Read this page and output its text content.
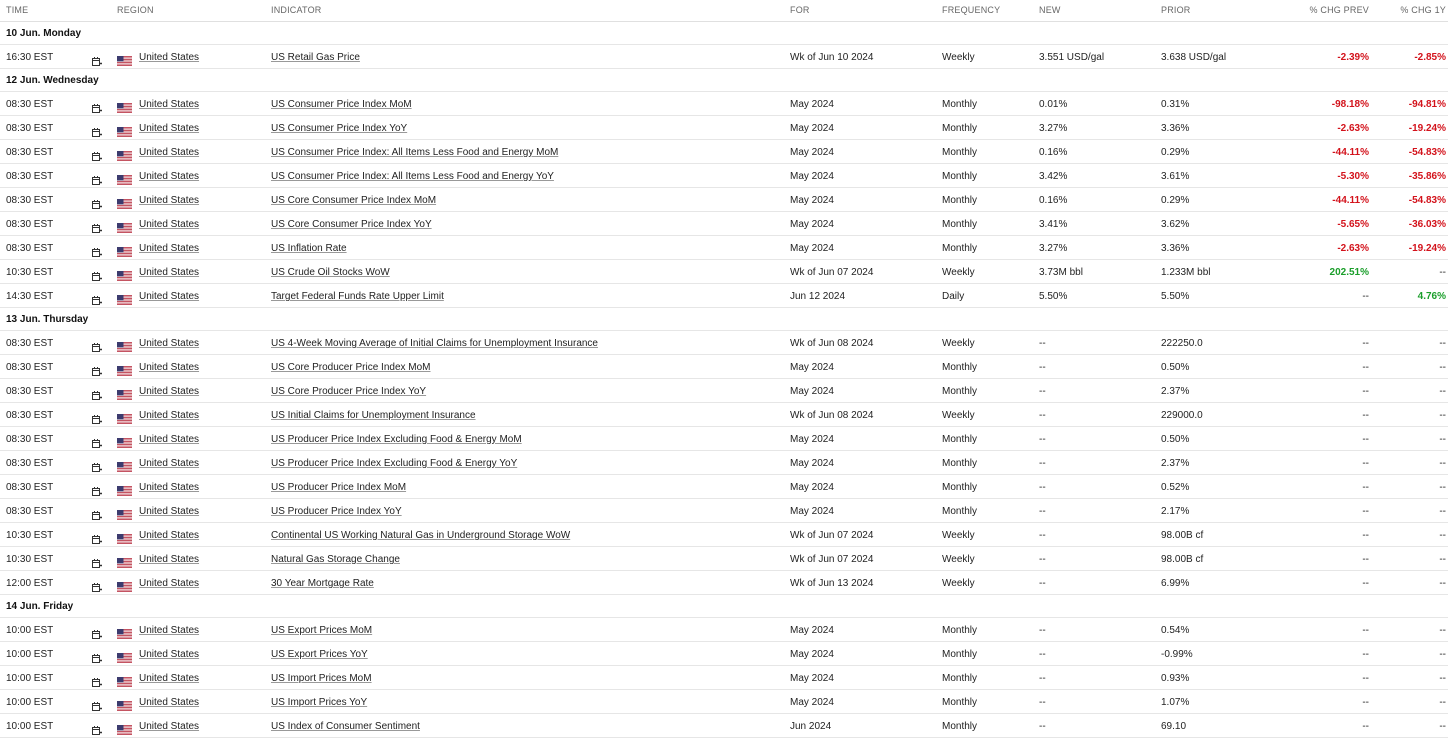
TIME	REGION	INDICATOR	FOR	FREQUENCY	NEW	PRIOR	% CHG PREV	% CHG 1Y
10 Jun. Monday
16:30 EST	United States	US Retail Gas Price	Wk of Jun 10 2024	Weekly	3.551 USD/gal	3.638 USD/gal	-2.39%	-2.85%
12 Jun. Wednesday
08:30 EST	United States	US Consumer Price Index MoM	May 2024	Monthly	0.01%	0.31%	-98.18%	-94.81%
08:30 EST	United States	US Consumer Price Index YoY	May 2024	Monthly	3.27%	3.36%	-2.63%	-19.24%
08:30 EST	United States	US Consumer Price Index: All Items Less Food and Energy MoM	May 2024	Monthly	0.16%	0.29%	-44.11%	-54.83%
08:30 EST	United States	US Consumer Price Index: All Items Less Food and Energy YoY	May 2024	Monthly	3.42%	3.61%	-5.30%	-35.86%
08:30 EST	United States	US Core Consumer Price Index MoM	May 2024	Monthly	0.16%	0.29%	-44.11%	-54.83%
08:30 EST	United States	US Core Consumer Price Index YoY	May 2024	Monthly	3.41%	3.62%	-5.65%	-36.03%
08:30 EST	United States	US Inflation Rate	May 2024	Monthly	3.27%	3.36%	-2.63%	-19.24%
10:30 EST	United States	US Crude Oil Stocks WoW	Wk of Jun 07 2024	Weekly	3.73M bbl	1.233M bbl	202.51%	--
14:30 EST	United States	Target Federal Funds Rate Upper Limit	Jun 12 2024	Daily	5.50%	5.50%	--	4.76%
13 Jun. Thursday
08:30 EST	United States	US 4-Week Moving Average of Initial Claims for Unemployment Insurance	Wk of Jun 08 2024	Weekly	--	222250.0	--	--
08:30 EST	United States	US Core Producer Price Index MoM	May 2024	Monthly	--	0.50%	--	--
08:30 EST	United States	US Core Producer Price Index YoY	May 2024	Monthly	--	2.37%	--	--
08:30 EST	United States	US Initial Claims for Unemployment Insurance	Wk of Jun 08 2024	Weekly	--	229000.0	--	--
08:30 EST	United States	US Producer Price Index Excluding Food & Energy MoM	May 2024	Monthly	--	0.50%	--	--
08:30 EST	United States	US Producer Price Index Excluding Food & Energy YoY	May 2024	Monthly	--	2.37%	--	--
08:30 EST	United States	US Producer Price Index MoM	May 2024	Monthly	--	0.52%	--	--
08:30 EST	United States	US Producer Price Index YoY	May 2024	Monthly	--	2.17%	--	--
10:30 EST	United States	Continental US Working Natural Gas in Underground Storage WoW	Wk of Jun 07 2024	Weekly	--	98.00B cf	--	--
10:30 EST	United States	Natural Gas Storage Change	Wk of Jun 07 2024	Weekly	--	98.00B cf	--	--
12:00 EST	United States	30 Year Mortgage Rate	Wk of Jun 13 2024	Weekly	--	6.99%	--	--
14 Jun. Friday
10:00 EST	United States	US Export Prices MoM	May 2024	Monthly	--	0.54%	--	--
10:00 EST	United States	US Export Prices YoY	May 2024	Monthly	--	-0.99%	--	--
10:00 EST	United States	US Import Prices MoM	May 2024	Monthly	--	0.93%	--	--
10:00 EST	United States	US Import Prices YoY	May 2024	Monthly	--	1.07%	--	--
10:00 EST	United States	US Index of Consumer Sentiment	Jun 2024	Monthly	--	69.10	--	--
